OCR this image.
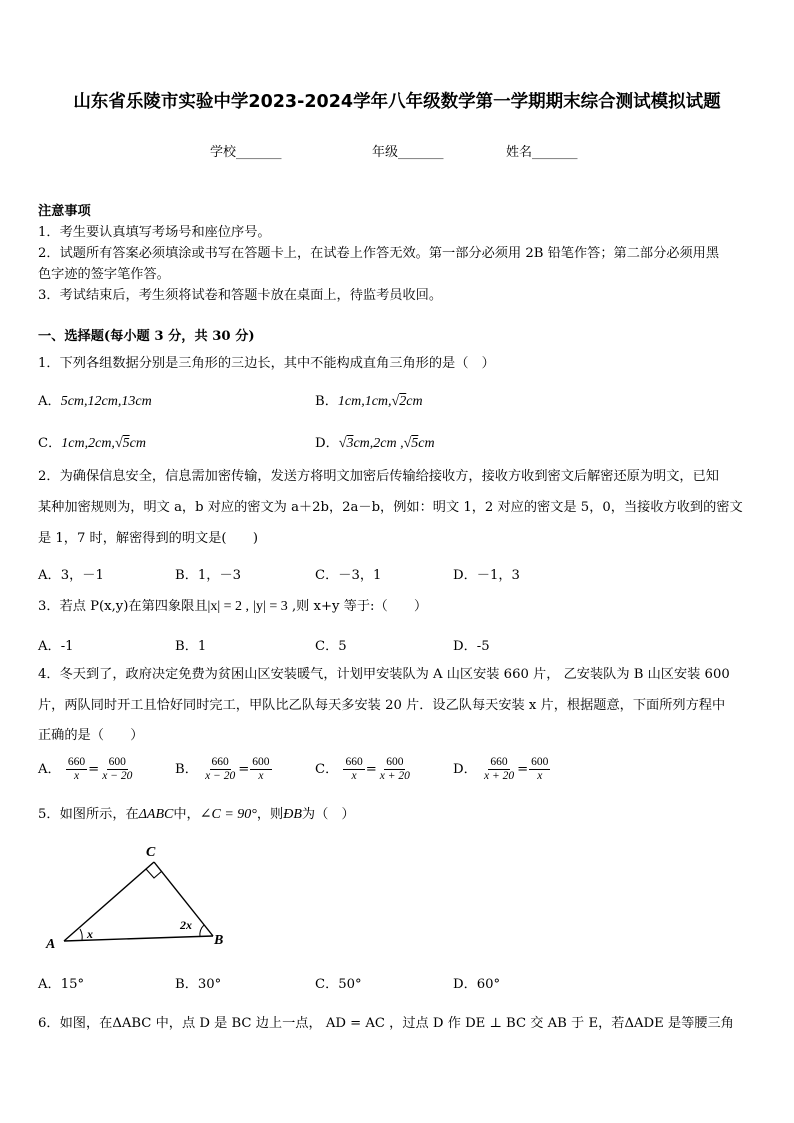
山东省乐陵市实验中学2023-2024学年八年级数学第一学期期末综合测试模拟试题
学校_______	年级_______	姓名_______
注意事项
1．考生要认真填写考场号和座位序号。
2．试题所有答案必须填涂或书写在答题卡上，在试卷上作答无效。第一部分必须用 2B 铅笔作答；第二部分必须用黑
色字迹的签字笔作答。
3．考试结束后，考生须将试卷和答题卡放在桌面上，待监考员收回。
一、选择题(每小题 3 分，共 30 分)
1．下列各组数据分别是三角形的三边长，其中不能构成直角三角形的是（　）
A．5cm,12cm,13cm	B．1cm,1cm,√2cm
C．1cm,2cm,√5cm	D．√3cm,2cm ,√5cm
2．为确保信息安全，信息需加密传输，发送方将明文加密后传输给接收方，接收方收到密文后解密还原为明文，已知
某种加密规则为，明文 a，b 对应的密文为 a＋2b，2a－b，例如：明文 1，2 对应的密文是 5，0，当接收方收到的密文
是 1，7 时，解密得到的明文是(　　)
A．3，－1	B．1，－3	C．－3，1	D．－1，3
3．若点 P(x,y)在第四象限且|x| = 2 , |y| = 3 ,则 x+y 等于:（　　）
A．-1	B．1	C．5	D．-5
4．冬天到了，政府决定免费为贫困山区安装暖气，计划甲安装队为 A 山区安装 660 片， 乙安装队为 B 山区安装 600
片，两队同时开工且恰好同时完工，甲队比乙队每天多安装 20 片．设乙队每天安装 x 片，根据题意，下面所列方程中
正确的是（　　）
A． $\frac{660}{x} = \frac{600}{x - 20}$	B． $\frac{660}{x - 20} = \frac{600}{x}$	C． $\frac{660}{x} = \frac{600}{x + 20}$	D． $\frac{660}{x + 20} = \frac{600}{x}$
5．如图所示，在ΔABC中，∠C = 90°，则ÐB为（　）
A
C
B
x
2x
A．15°	B．30°	C．50°	D．60°
6．如图，在ΔABC 中，点 D 是 BC 边上一点， AD = AC ，过点 D 作 DE ⊥ BC 交 AB 于 E，若ΔADE 是等腰三角
